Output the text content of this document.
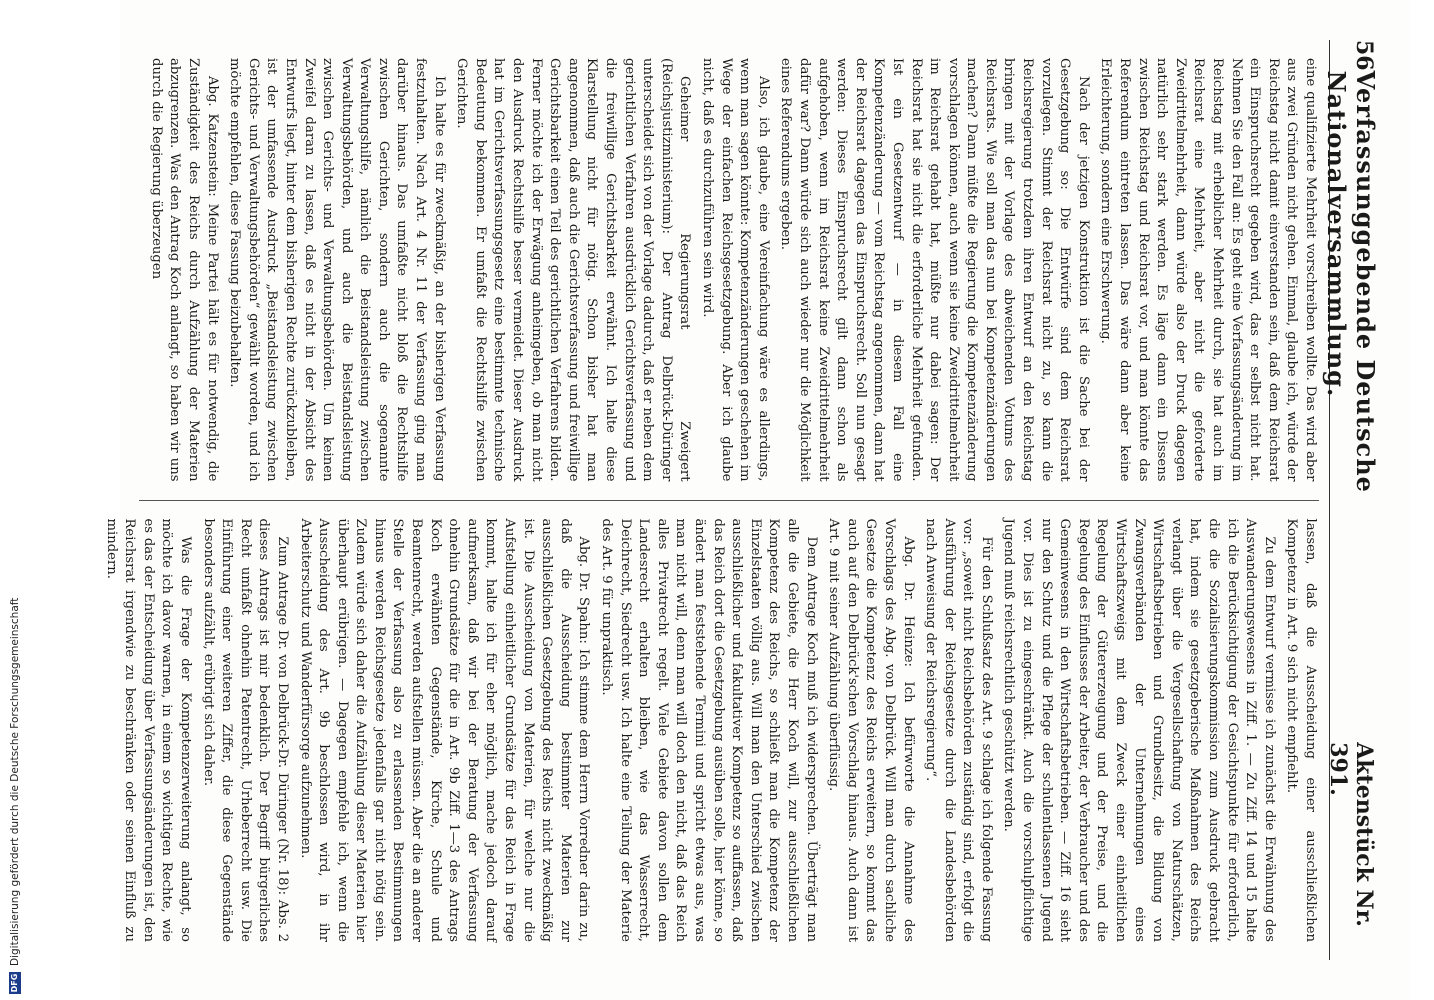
56
Verfassunggebende Deutsche Nationalversammlung.
Aktenstück Nr. 391.

eine qualifizierte Mehrheit vorschreiben wollte. Das wird aber aus zwei Gründen nicht gehen. Einmal, glaube ich, würde der Reichstag nicht damit einverstanden sein, daß dem Reichsrat ein Einspruchsrecht gegeben wird, das er selbst nicht hat. Nehmen Sie den Fall an: Es geht eine Verfassungsänderung im Reichstag mit erheblicher Mehrheit durch, sie hat auch im Reichsrat eine Mehrheit, aber nicht die geforderte Zweidrittelmehrheit, dann würde also der Druck dagegen natürlich sehr stark werden. Es läge dann ein Dissens zwischen Reichstag und Reichsrat vor, und man könnte das Referendum eintreten lassen. Das wäre dann aber keine Erleichterung, sondern eine Erschwerung.

Nach der jetzigen Konstruktion ist die Sache bei der Gesetzgebung so: Die Entwürfe sind dem Reichsrat vorzulegen. Stimmt der Reichsrat nicht zu, so kann die Reichsregierung trotzdem ihren Entwurf an den Reichstag bringen mit der Vorlage des abweichenden Votums des Reichsrats. Wie soll man das nun bei Kompetenzänderungen machen? Dann müßte die Regierung die Kompetenzänderung vorschlagen können, auch wenn sie keine Zweidrittelmehrheit im Reichsrat gehabt hat, müßte nur dabei sagen: Der Reichsrat hat sie nicht die erforderliche Mehrheit gefunden. Ist ein Gesetzentwurf — in diesem Fall eine Kompetenzänderung — vom Reichstag angenommen, dann hat der Reichsrat dagegen das Einspruchsrecht. Soll nun gesagt werden: Dieses Einspruchsrecht gilt dann schon als aufgehoben, wenn im Reichsrat keine Zweidrittelmehrheit dafür war? Dann würde sich auch wieder nur die Möglichkeit eines Referendums ergeben.

Also, ich glaube, eine Vereinfachung wäre es allerdings, wenn man sagen könnte: Kompetenzänderungen geschehen im Wege der einfachen Reichsgesetzgebung. Aber ich glaube nicht, daß es durchzuführen sein wird.

Geheimer Regierungsrat Zweigert (Reichsjustizministerium): Der Antrag Delbrück-Düringer unterscheidet sich von der Vorlage dadurch, daß er neben dem gerichtlichen Verfahren ausdrücklich Gerichtsverfassung und die freiwillige Gerichtsbarkeit erwähnt. Ich halte diese Klarstellung nicht für nötig. Schon bisher hat man angenommen, daß auch die Gerichtsverfassung und freiwillige Gerichtsbarkeit einen Teil des gerichtlichen Verfahrens bilden. Ferner möchte ich der Erwägung anheimgeben, ob man nicht den Ausdruck Rechtshilfe besser vermeidet. Dieser Ausdruck hat im Gerichtsverfassungsgesetz eine bestimmte technische Bedeutung bekommen. Er umfaßt die Rechtshilfe zwischen Gerichten.

Ich halte es für zweckmäßig, an der bisherigen Verfassung festzuhalten. Nach Art. 4 Nr. 11 der Verfassung ging man darüber hinaus. Das umfaßte nicht bloß die Rechtshilfe zwischen Gerichten, sondern auch die sogenannte Verwaltungshilfe, nämlich die Beistandsleistung zwischen Verwaltungsbehörden, und auch die Beistandsleistung zwischen Gerichts- und Verwaltungsbehörden. Um keinen Zweifel daran zu lassen, daß es nicht in der Absicht des Entwurfs liegt, hinter dem bisherigen Rechte zurückzubleiben, ist der umfassende Ausdruck „Beistandsleistung zwischen Gerichts- und Verwaltungsbehörden“ gewählt worden, und ich möchte empfehlen, diese Fassung beizubehalten.

Abg. Katzenstein: Meine Partei hält es für notwendig, die Zuständigkeit des Reichs durch Aufzählung der Materien abzugrenzen. Was den Antrag Koch anlangt, so haben wir uns durch die Regierung überzeugen

lassen, daß die Ausscheidung einer ausschließlichen Kompetenz in Art. 9 sich nicht empfiehlt.

Zu dem Entwurf vermisse ich zunächst die Erwähnung des Auswanderungswesens in Ziff. 1. — Zu Ziff. 14 und 15 halte ich die Berücksichtigung der Gesichtspunkte für erforderlich, die die Sozialisierungskommission zum Ausdruck gebracht hat, indem sie gesetzgeberische Maßnahmen des Reichs verlangt über die Vergesellschaftung von Naturschätzen, Wirtschaftsbetrieben und Grundbesitz, die Bildung von Zwangsverbänden der Unternehmungen eines Wirtschaftszweigs mit dem Zweck einer einheitlichen Regelung der Gütererzeugung und der Preise, und die Regelung des Einflusses der Arbeiter, der Verbraucher und des Gemeinwesens in den Wirtschaftsbetrieben. — Ziff. 16 sieht nur den Schutz und die Pflege der schulentlassenen Jugend vor. Dies ist zu eingeschränkt. Auch die vorschulpflichtige Jugend muß reichsrechtlich geschützt werden.

Für den Schlußsatz des Art. 9 schlage ich folgende Fassung vor: „soweit nicht Reichsbehörden zuständig sind, erfolgt die Ausführung der Reichsgesetze durch die Landesbehörden nach Anweisung der Reichsregierung“.

Abg. Dr. Heinze: Ich befürworte die Annahme des Vorschlags des Abg. von Delbrück. Will man durch sachliche Gesetze die Kompetenz des Reichs erweitern, so kommt das auch auf den Delbrück'schen Vorschlag hinaus. Auch dann ist Art. 9 mit seiner Aufzählung überflüssig.

Dem Antrage Koch muß ich widersprechen. Überträgt man alle die Gebiete, die Herr Koch will, zur ausschließlichen Kompetenz des Reichs, so schließt man die Kompetenz der Einzelstaaten völlig aus. Will man den Unterschied zwischen ausschließlicher und fakultativer Kompetenz so auffassen, daß das Reich dort die Gesetzgebung ausüben solle, hier könne, so ändert man feststehende Termini und spricht etwas aus, was man nicht will, denn man will doch den nicht, daß das Reich alles Privatrecht regelt. Viele Gebiete davon sollen dem Landesrecht erhalten bleiben, wie das Wasserrecht, Deichrecht, Siedrecht usw. Ich halte eine Teilung der Materie des Art. 9 für unpraktisch.

Abg. Dr. Spahn: Ich stimme dem Herrn Vorredner darin zu, daß die Ausscheidung bestimmter Materien zur ausschließlichen Gesetzgebung des Reichs nicht zweckmäßig ist. Die Ausscheidung von Materien, für welche nur die Aufstellung einheitlicher Grundsätze für das Reich in Frage kommt, halte ich für eher möglich, mache jedoch darauf aufmerksam, daß wir bei der Beratung der Verfassung ohnehin Grundsätze für die in Art. 9b Ziff. 1—3 des Antrags Koch erwähnten Gegenstände, Kirche, Schule und Beamtenrecht, werden aufstellen müssen. Aber die an anderer Stelle der Verfassung also zu erlassenden Bestimmungen hinaus werden Reichsgesetze jedenfalls gar nicht nötig sein. Zudem würde sich daher die Aufzählung dieser Materien hier überhaupt erübrigen. — Dagegen empfehle ich, wenn die Ausscheidung des Art. 9b beschlossen wird, in ihr Arbeiterschutz und Wanderfürsorge aufzunehmen.

Zum Antrage Dr. von Delbrück-Dr. Düringer (Nr. 18): Abs. 2 dieses Antrags ist mir bedenklich. Der Begriff bürgerliches Recht umfaßt ohnehin Patentrecht, Urheberrecht usw. Die Einführung einer weiteren Ziffer, die diese Gegenstände besonders aufzählt, erübrigt sich daher.

Was die Frage der Kompetenzerweiterung anlangt, so möchte ich davor warnen, in einem so wichtigen Rechte, wie es das der Entscheidung über Verfassungsänderungen ist, den Reichsrat irgendwie zu beschränken oder seinen Einfluß zu mindern.

DFG
Digitalisierung gefördert durch die Deutsche Forschungsgemeinschaft
